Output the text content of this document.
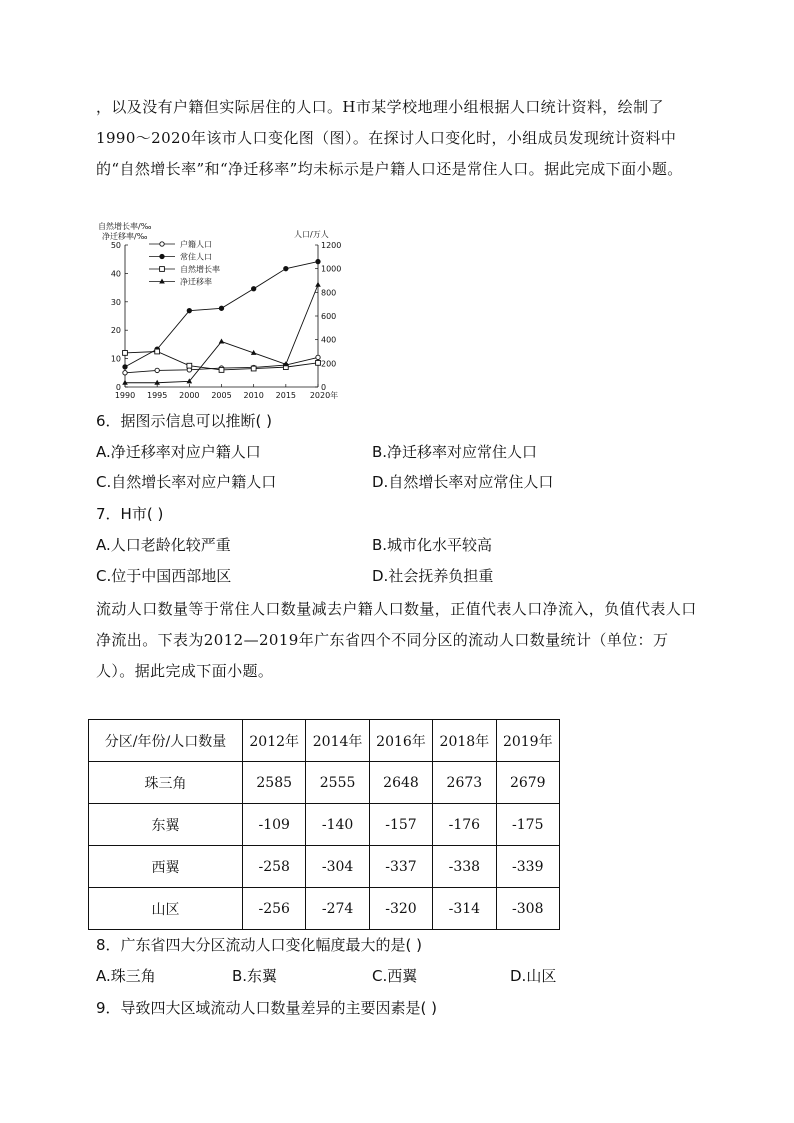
，以及没有户籍但实际居住的人口。H市某学校地理小组根据人口统计资料，绘制了1990～2020年该市人口变化图（图）。在探讨人口变化时，小组成员发现统计资料中的“自然增长率”和“净迁移率”均未标示是户籍人口还是常住人口。据此完成下面小题。
自然增长率/‰
净迁移率/‰	人口/万人
0
10
20
30
40
50
0
200
400
600
800
1000
1200
1990 1995 2000 2005 2010 2015 2020年
户籍人口
常住人口
自然增长率
净迁移率
6．据图示信息可以推断( )
A.净迁移率对应户籍人口	B.净迁移率对应常住人口
C.自然增长率对应户籍人口	D.自然增长率对应常住人口
7．H市( )
A.人口老龄化较严重	B.城市化水平较高
C.位于中国西部地区	D.社会抚养负担重
流动人口数量等于常住人口数量减去户籍人口数量，正值代表人口净流入，负值代表人口净流出。下表为2012—2019年广东省四个不同分区的流动人口数量统计（单位：万人）。据此完成下面小题。
分区/年份/人口数量	2012年	2014年	2016年	2018年	2019年
珠三角	2585	2555	2648	2673	2679
东翼	-109	-140	-157	-176	-175
西翼	-258	-304	-337	-338	-339
山区	-256	-274	-320	-314	-308
8．广东省四大分区流动人口变化幅度最大的是( )
A.珠三角	B.东翼	C.西翼	D.山区
9．导致四大区域流动人口数量差异的主要因素是( )
